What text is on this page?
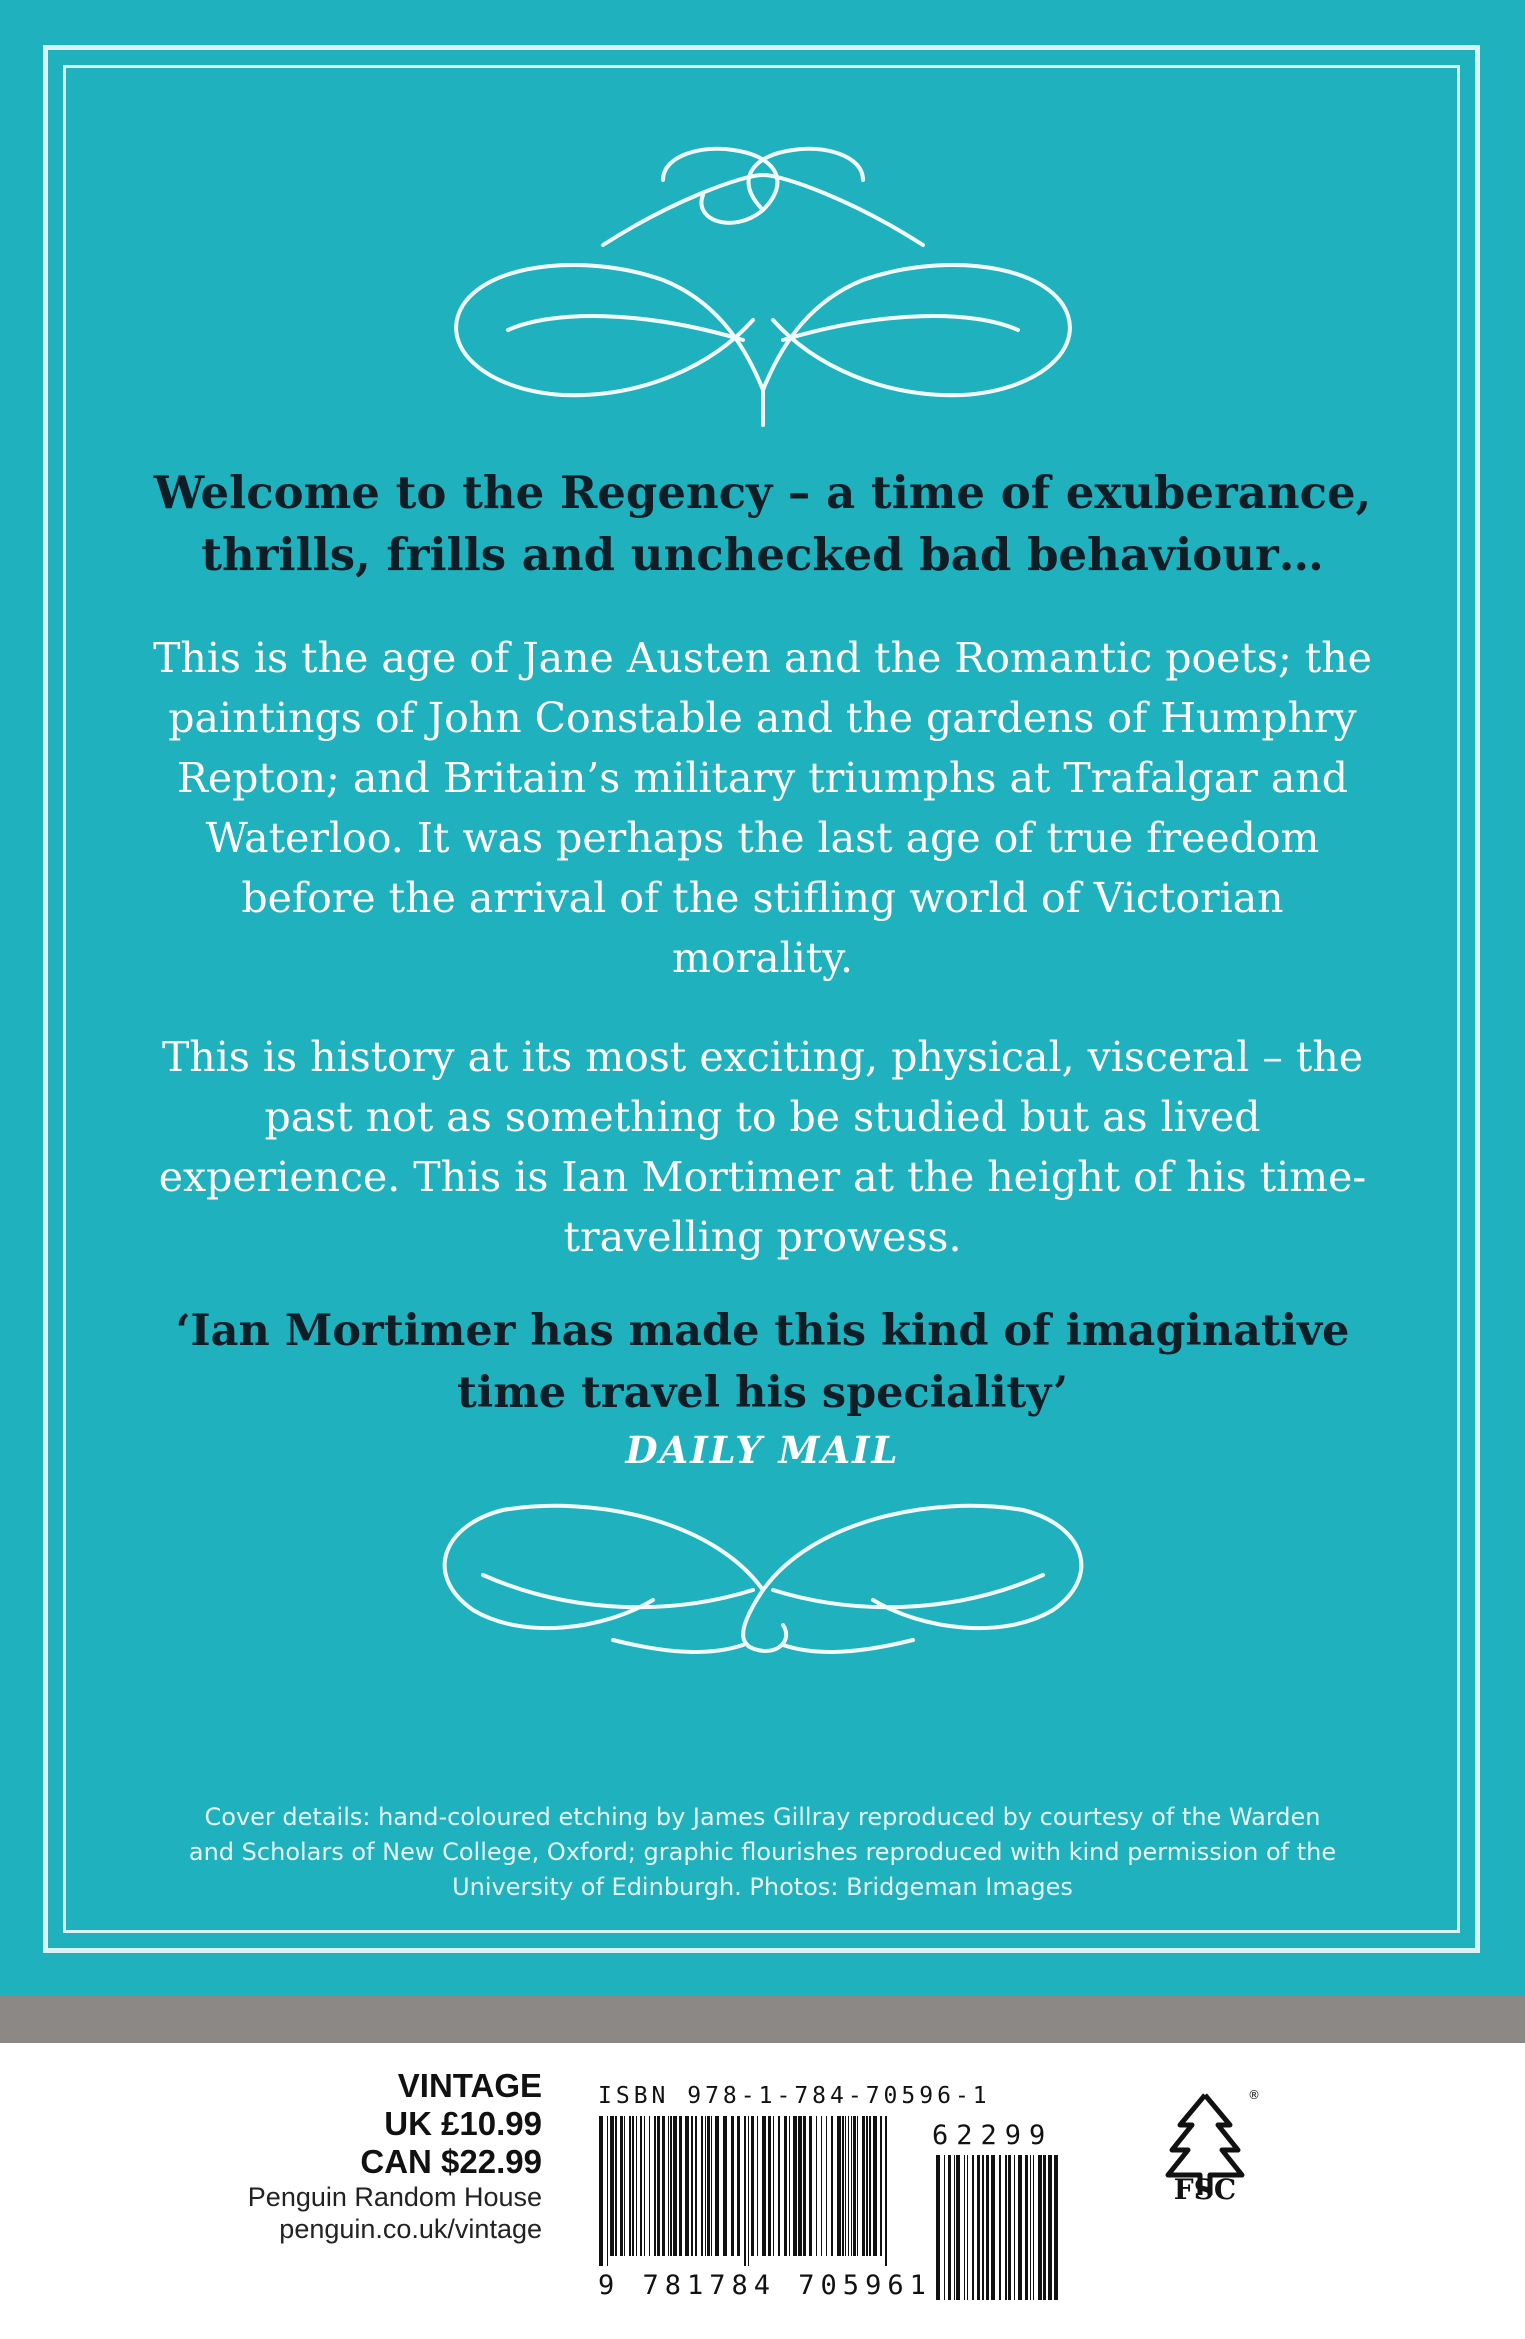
Welcome to the Regency – a time of exuberance, thrills, frills and unchecked bad behaviour…
This is the age of Jane Austen and the Romantic poets; the paintings of John Constable and the gardens of Humphry Repton; and Britain’s military triumphs at Trafalgar and Waterloo. It was perhaps the last age of true freedom before the arrival of the stifling world of Victorian morality.
This is history at its most exciting, physical, visceral – the past not as something to be studied but as lived experience. This is Ian Mortimer at the height of his time-travelling prowess.
‘Ian Mortimer has made this kind of imaginative time travel his speciality’
DAILY MAIL
Cover details: hand-coloured etching by James Gillray reproduced by courtesy of the Warden and Scholars of New College, Oxford; graphic flourishes reproduced with kind permission of the University of Edinburgh. Photos: Bridgeman Images
VINTAGE
UK £10.99
CAN $22.99
Penguin Random House
penguin.co.uk/vintage
ISBN 978-1-784-70596-1
9 781784 705961
62299
®
FSC
